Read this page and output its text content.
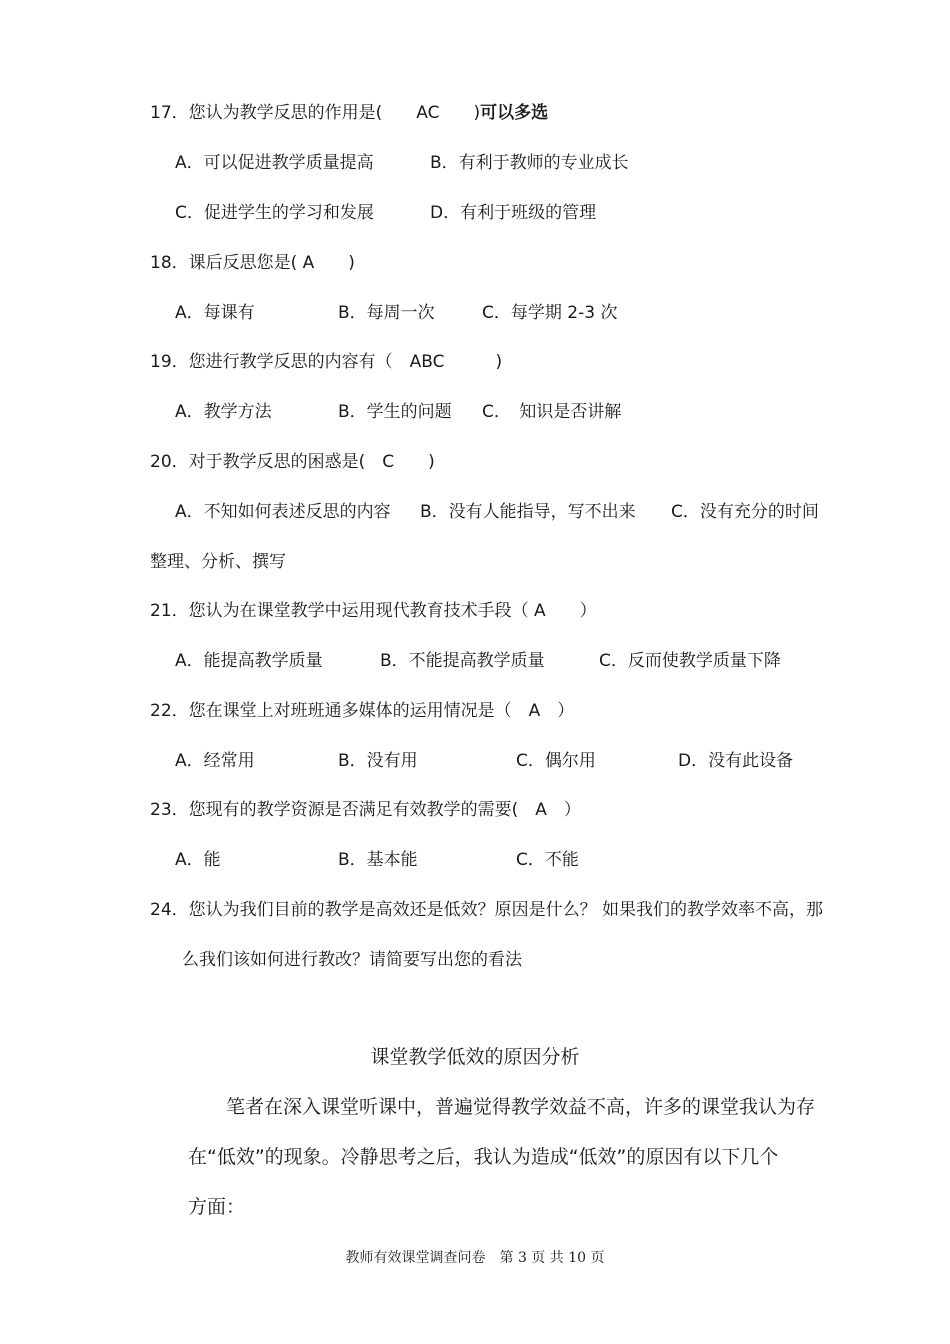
17．您认为教学反思的作用是(　　AC　　)可以多选
A．可以促进教学质量提高	B．有利于教师的专业成长
C．促进学生的学习和发展	D．有利于班级的管理
18．课后反思您是( A　　)
A．每课有	B．每周一次	C．每学期 2-3 次
19．您进行教学反思的内容有（　ABC　　　)
A．教学方法	B．学生的问题 C．　知识是否讲解
20．对于教学反思的困惑是(　C　　)
A．不知如何表述反思的内容 B．没有人能指导，写不出来 C．没有充分的时间
整理、分析、撰写
21．您认为在课堂教学中运用现代教育技术手段（ A　　）
A．能提高教学质量	B．不能提高教学质量	C．反而使教学质量下降
22．您在课堂上对班班通多媒体的运用情况是（　A　）
A．经常用	B．没有用	C．偶尔用	D．没有此设备
23．您现有的教学资源是否满足有效教学的需要(　A　）
A．能	B．基本能	C．不能
24．您认为我们目前的教学是高效还是低效？原因是什么？ 如果我们的教学效率不高，那
么我们该如何进行教改？请简要写出您的看法
课堂教学低效的原因分析
　　笔者在深入课堂听课中，普遍觉得教学效益不高，许多的课堂我认为存
在“低效”的现象。冷静思考之后，我认为造成“低效”的原因有以下几个
方面：
教师有效课堂调查问卷　第 3 页 共 10 页
